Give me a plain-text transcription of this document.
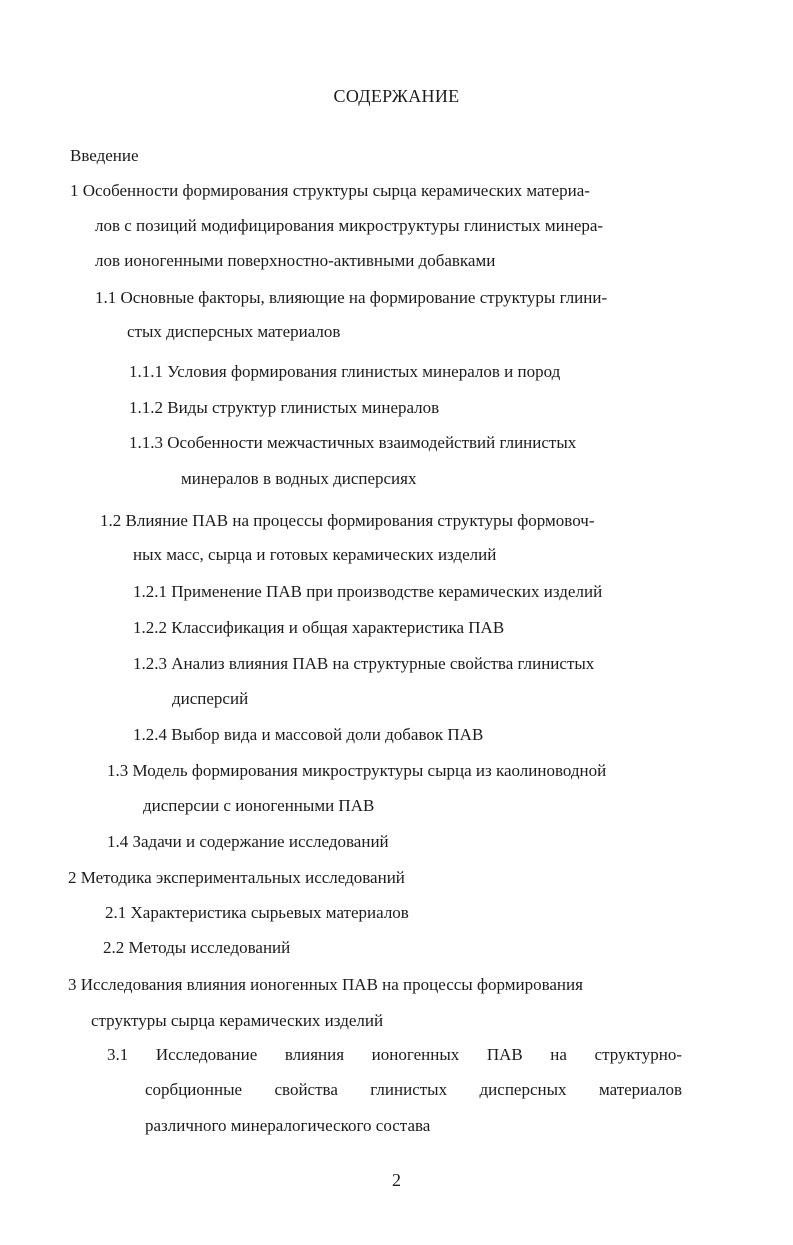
СОДЕРЖАНИЕ
Введение
1 Особенности формирования структуры сырца керамических материа-
лов с позиций модифицирования микроструктуры глинистых минера-
лов ионогенными поверхностно-активными добавками
1.1 Основные факторы, влияющие на формирование структуры глини-
стых дисперсных материалов
1.1.1 Условия формирования глинистых минералов и пород
1.1.2 Виды структур глинистых минералов
1.1.3 Особенности межчастичных взаимодействий глинистых
минералов в водных дисперсиях
1.2 Влияние ПАВ на процессы формирования структуры формовоч-
ных масс, сырца и готовых керамических изделий
1.2.1 Применение ПАВ при производстве керамических изделий
1.2.2 Классификация и общая характеристика ПАВ
1.2.3 Анализ влияния ПАВ на структурные свойства глинистых
дисперсий
1.2.4 Выбор вида и массовой доли добавок ПАВ
1.3 Модель формирования микроструктуры сырца из каолиноводной
дисперсии с ионогенными ПАВ
1.4 Задачи и содержание исследований
2 Методика экспериментальных исследований
2.1 Характеристика сырьевых материалов
2.2 Методы исследований
3 Исследования влияния ионогенных ПАВ на процессы формирования
структуры сырца керамических изделий
3.1 Исследование влияния ионогенных ПАВ на структурно-
сорбционные свойства глинистых дисперсных материалов
различного минералогического состава
2
